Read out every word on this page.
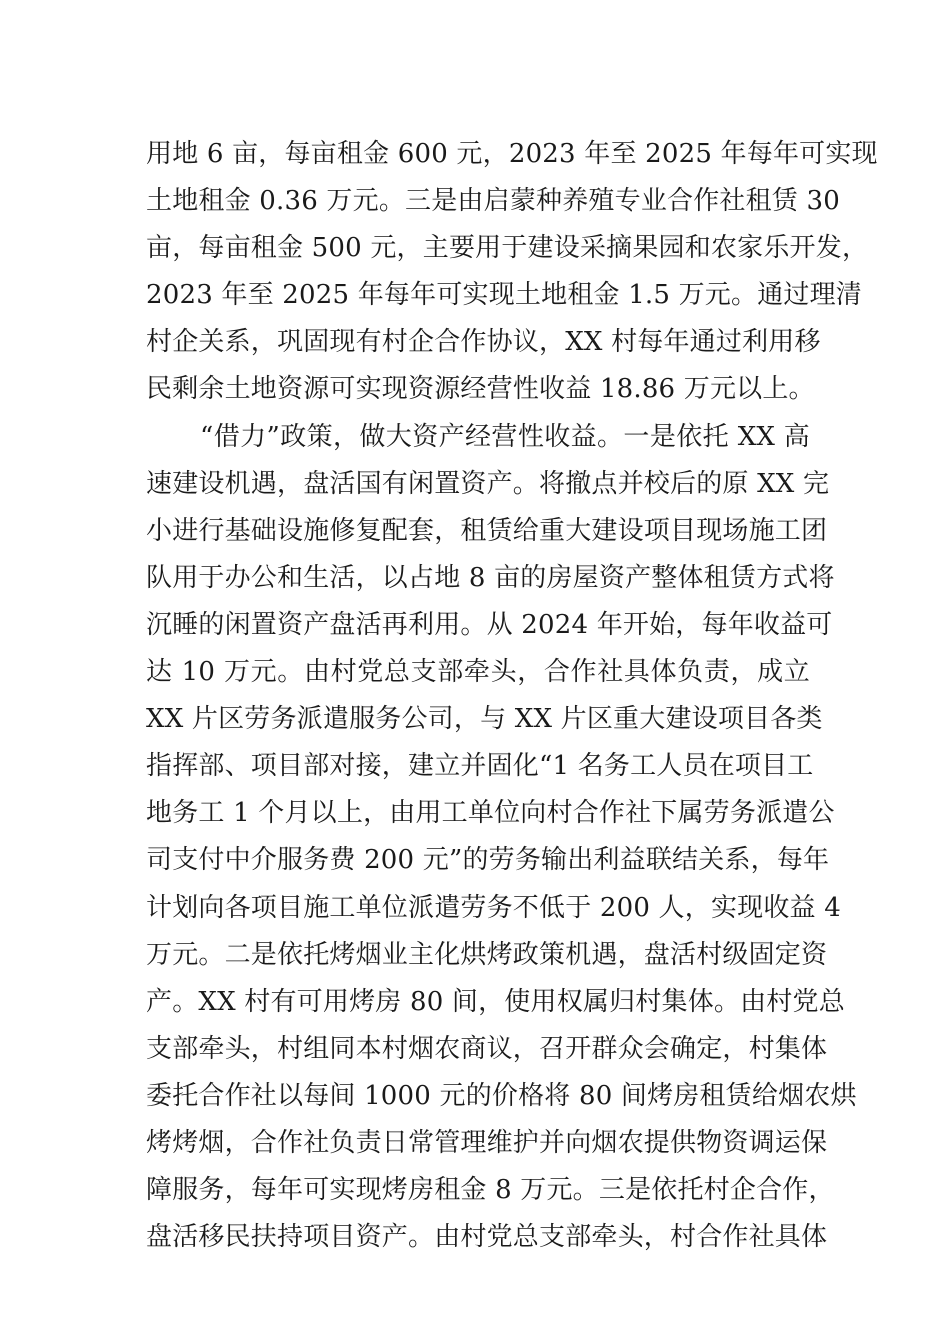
用地 6 亩，每亩租金 600 元，2023 年至 2025 年每年可实现
土地租金 0.36 万元。三是由启蒙种养殖专业合作社租赁 30
亩，每亩租金 500 元，主要用于建设采摘果园和农家乐开发，
2023 年至 2025 年每年可实现土地租金 1.5 万元。通过理清
村企关系，巩固现有村企合作协议，XX 村每年通过利用移
民剩余土地资源可实现资源经营性收益 18.86 万元以上。
“借力”政策，做大资产经营性收益。一是依托 XX 高
速建设机遇，盘活国有闲置资产。将撤点并校后的原 XX 完
小进行基础设施修复配套，租赁给重大建设项目现场施工团
队用于办公和生活，以占地 8 亩的房屋资产整体租赁方式将
沉睡的闲置资产盘活再利用。从 2024 年开始，每年收益可
达 10 万元。由村党总支部牵头，合作社具体负责，成立
XX 片区劳务派遣服务公司，与 XX 片区重大建设项目各类
指挥部、项目部对接，建立并固化“1 名务工人员在项目工
地务工 1 个月以上，由用工单位向村合作社下属劳务派遣公
司支付中介服务费 200 元”的劳务输出利益联结关系，每年
计划向各项目施工单位派遣劳务不低于 200 人，实现收益 4
万元。二是依托烤烟业主化烘烤政策机遇，盘活村级固定资
产。XX 村有可用烤房 80 间，使用权属归村集体。由村党总
支部牵头，村组同本村烟农商议，召开群众会确定，村集体
委托合作社以每间 1000 元的价格将 80 间烤房租赁给烟农烘
烤烤烟，合作社负责日常管理维护并向烟农提供物资调运保
障服务，每年可实现烤房租金 8 万元。三是依托村企合作，
盘活移民扶持项目资产。由村党总支部牵头，村合作社具体
